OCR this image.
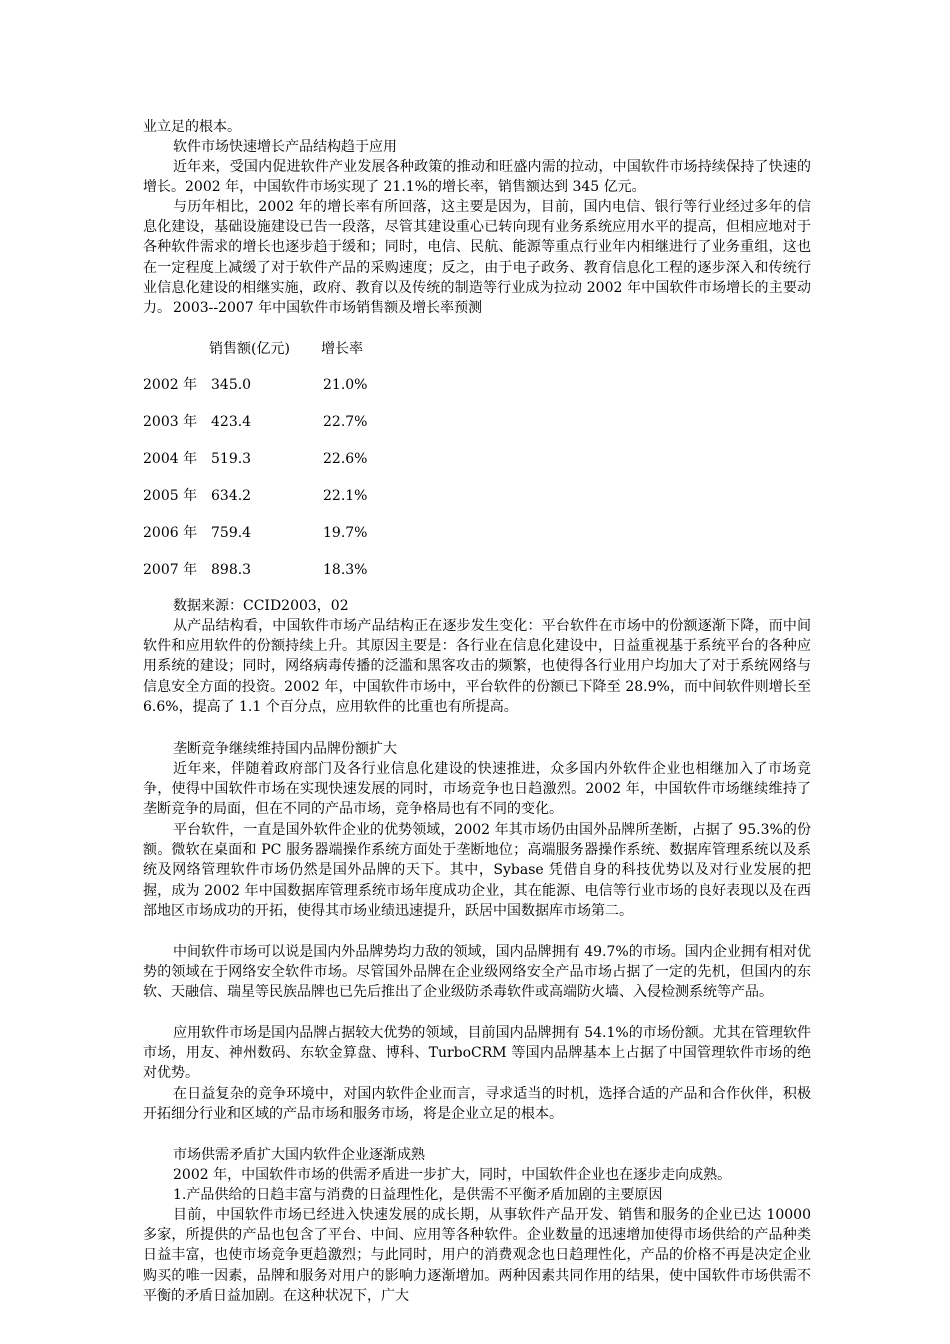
业立足的根本。

软件市场快速增长产品结构趋于应用

近年来，受国内促进软件产业发展各种政策的推动和旺盛内需的拉动，中国软件市场持续保持了快速的增长。2002 年，中国软件市场实现了 21.1%的增长率，销售额达到 345 亿元。

与历年相比，2002 年的增长率有所回落，这主要是因为，目前，国内电信、银行等行业经过多年的信息化建设，基础设施建设已告一段落，尽管其建设重心已转向现有业务系统应用水平的提高，但相应地对于各种软件需求的增长也逐步趋于缓和；同时，电信、民航、能源等重点行业年内相继进行了业务重组，这也在一定程度上减缓了对于软件产品的采购速度；反之，由于电子政务、教育信息化工程的逐步深入和传统行业信息化建设的相继实施，政府、教育以及传统的制造等行业成为拉动 2002 年中国软件市场增长的主要动力。 2003--2007 年中国软件市场销售额及增长率预测

销售额(亿元) 增长率
2002 年 345.0	21.0%
2003 年 423.4	22.7%
2004 年 519.3	22.6%
2005 年 634.2	22.1%
2006 年 759.4	19.7%
2007 年 898.3	18.3%

数据来源：CCID2003，02

从产品结构看，中国软件市场产品结构正在逐步发生变化：平台软件在市场中的份额逐渐下降，而中间软件和应用软件的份额持续上升。其原因主要是：各行业在信息化建设中，日益重视基于系统平台的各种应用系统的建设；同时，网络病毒传播的泛滥和黑客攻击的频繁，也使得各行业用户均加大了对于系统网络与信息安全方面的投资。2002 年，中国软件市场中，平台软件的份额已下降至 28.9%，而中间软件则增长至 6.6%，提高了 1.1 个百分点，应用软件的比重也有所提高。

垄断竞争继续维持国内品牌份额扩大

近年来，伴随着政府部门及各行业信息化建设的快速推进，众多国内外软件企业也相继加入了市场竞争，使得中国软件市场在实现快速发展的同时，市场竞争也日趋激烈。2002 年，中国软件市场继续维持了垄断竞争的局面，但在不同的产品市场，竞争格局也有不同的变化。

平台软件，一直是国外软件企业的优势领域，2002 年其市场仍由国外品牌所垄断，占据了 95.3%的份额。微软在桌面和 PC 服务器端操作系统方面处于垄断地位；高端服务器操作系统、数据库管理系统以及系统及网络管理软件市场仍然是国外品牌的天下。其中，Sybase 凭借自身的科技优势以及对行业发展的把握，成为 2002 年中国数据库管理系统市场年度成功企业，其在能源、电信等行业市场的良好表现以及在西部地区市场成功的开拓，使得其市场业绩迅速提升，跃居中国数据库市场第二。

中间软件市场可以说是国内外品牌势均力敌的领域，国内品牌拥有 49.7%的市场。国内企业拥有相对优势的领域在于网络安全软件市场。尽管国外品牌在企业级网络安全产品市场占据了一定的先机，但国内的东软、天融信、瑞星等民族品牌也已先后推出了企业级防杀毒软件或高端防火墙、入侵检测系统等产品。

应用软件市场是国内品牌占据较大优势的领域，目前国内品牌拥有 54.1%的市场份额。尤其在管理软件市场，用友、神州数码、东软金算盘、博科、TurboCRM 等国内品牌基本上占据了中国管理软件市场的绝对优势。

在日益复杂的竞争环境中，对国内软件企业而言，寻求适当的时机，选择合适的产品和合作伙伴，积极开拓细分行业和区域的产品市场和服务市场，将是企业立足的根本。

市场供需矛盾扩大国内软件企业逐渐成熟

2002 年，中国软件市场的供需矛盾进一步扩大，同时，中国软件企业也在逐步走向成熟。

1.产品供给的日趋丰富与消费的日益理性化，是供需不平衡矛盾加剧的主要原因

目前，中国软件市场已经进入快速发展的成长期，从事软件产品开发、销售和服务的企业已达 10000 多家，所提供的产品也包含了平台、中间、应用等各种软件。企业数量的迅速增加使得市场供给的产品种类日益丰富，也使市场竞争更趋激烈；与此同时，用户的消费观念也日趋理性化，产品的价格不再是决定企业购买的唯一因素，品牌和服务对用户的影响力逐渐增加。两种因素共同作用的结果，使中国软件市场供需不平衡的矛盾日益加剧。在这种状况下，广大
